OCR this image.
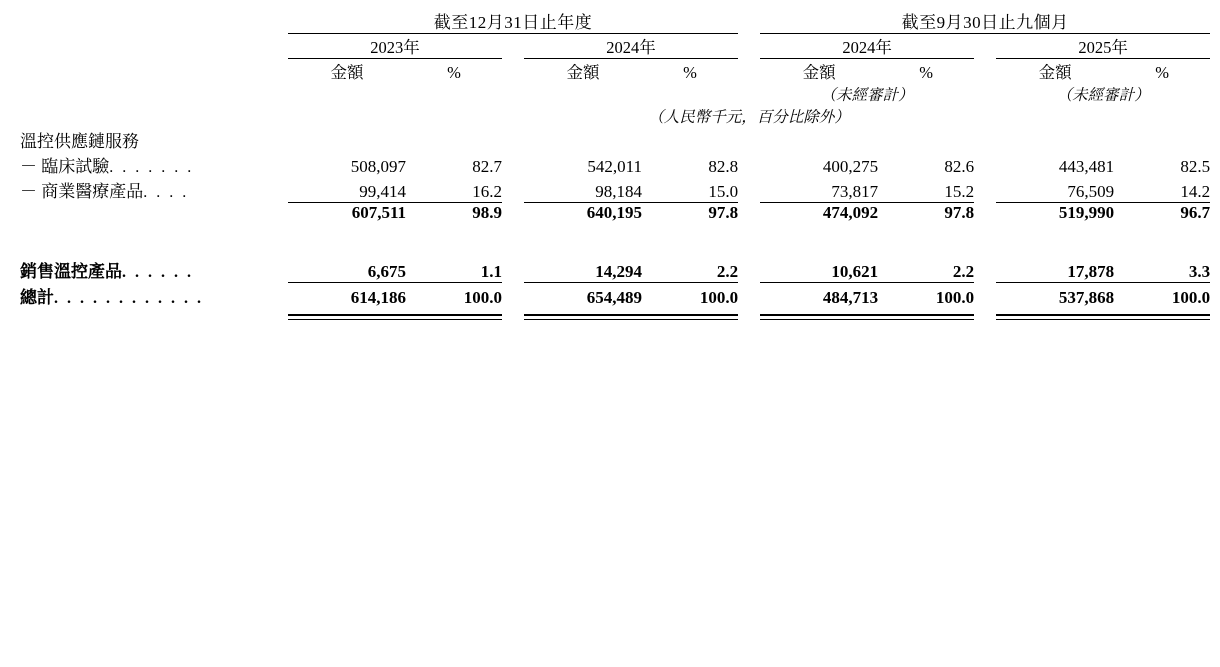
	截至12月31日止年度						截至9月30日止九個月				

	2023年			2024年			2024年			2025年	

	金額	%		金額	%		金額	%		金額	%
							（未經審計）			（未經審計）	
	（人民幣千元，百分比除外）										
溫控供應鏈服務											
－ 臨床試驗. . . . . . .	508,097	82.7		542,011	82.8		400,275	82.6		443,481	82.5
－ 商業醫療產品. . . .	99,414	16.2		98,184	15.0		73,817	15.2		76,509	14.2

	607,511	98.9		640,195	97.8		474,092	97.8		519,990	96.7

銷售溫控產品. . . . . .	6,675	1.1		14,294	2.2		10,621	2.2		17,878	3.3

總計. . . . . . . . . . . .	614,186	100.0		654,489	100.0		484,713	100.0		537,868	100.0
